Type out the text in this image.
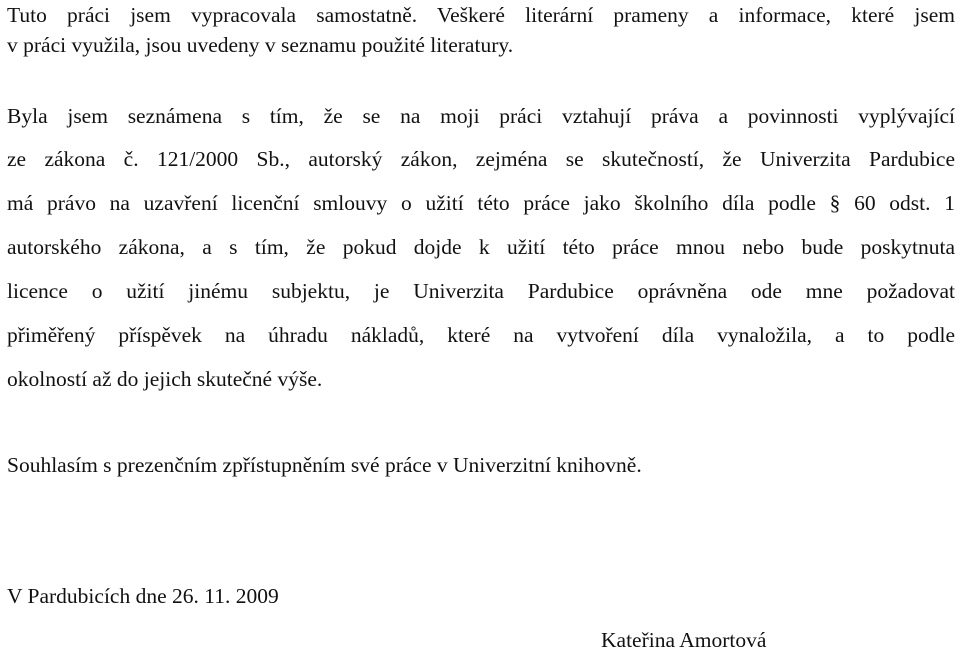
Tuto práci jsem vypracovala samostatně. Veškeré literární prameny a informace, které jsem

v práci využila, jsou uvedeny v seznamu použité literatury.

Byla jsem seznámena s tím, že se na moji práci vztahují práva a povinnosti vyplývající

ze zákona č. 121/2000 Sb., autorský zákon, zejména se skutečností, že Univerzita Pardubice

má právo na uzavření licenční smlouvy o užití této práce jako školního díla podle § 60 odst. 1

autorského zákona, a s tím, že pokud dojde k užití této práce mnou nebo bude poskytnuta

licence o užití jinému subjektu, je Univerzita Pardubice oprávněna ode mne požadovat

přiměřený příspěvek na úhradu nákladů, které na vytvoření díla vynaložila, a to podle

okolností až do jejich skutečné výše.

Souhlasím s prezenčním zpřístupněním své práce v Univerzitní knihovně.

V Pardubicích dne 26. 11. 2009

Kateřina Amortová
